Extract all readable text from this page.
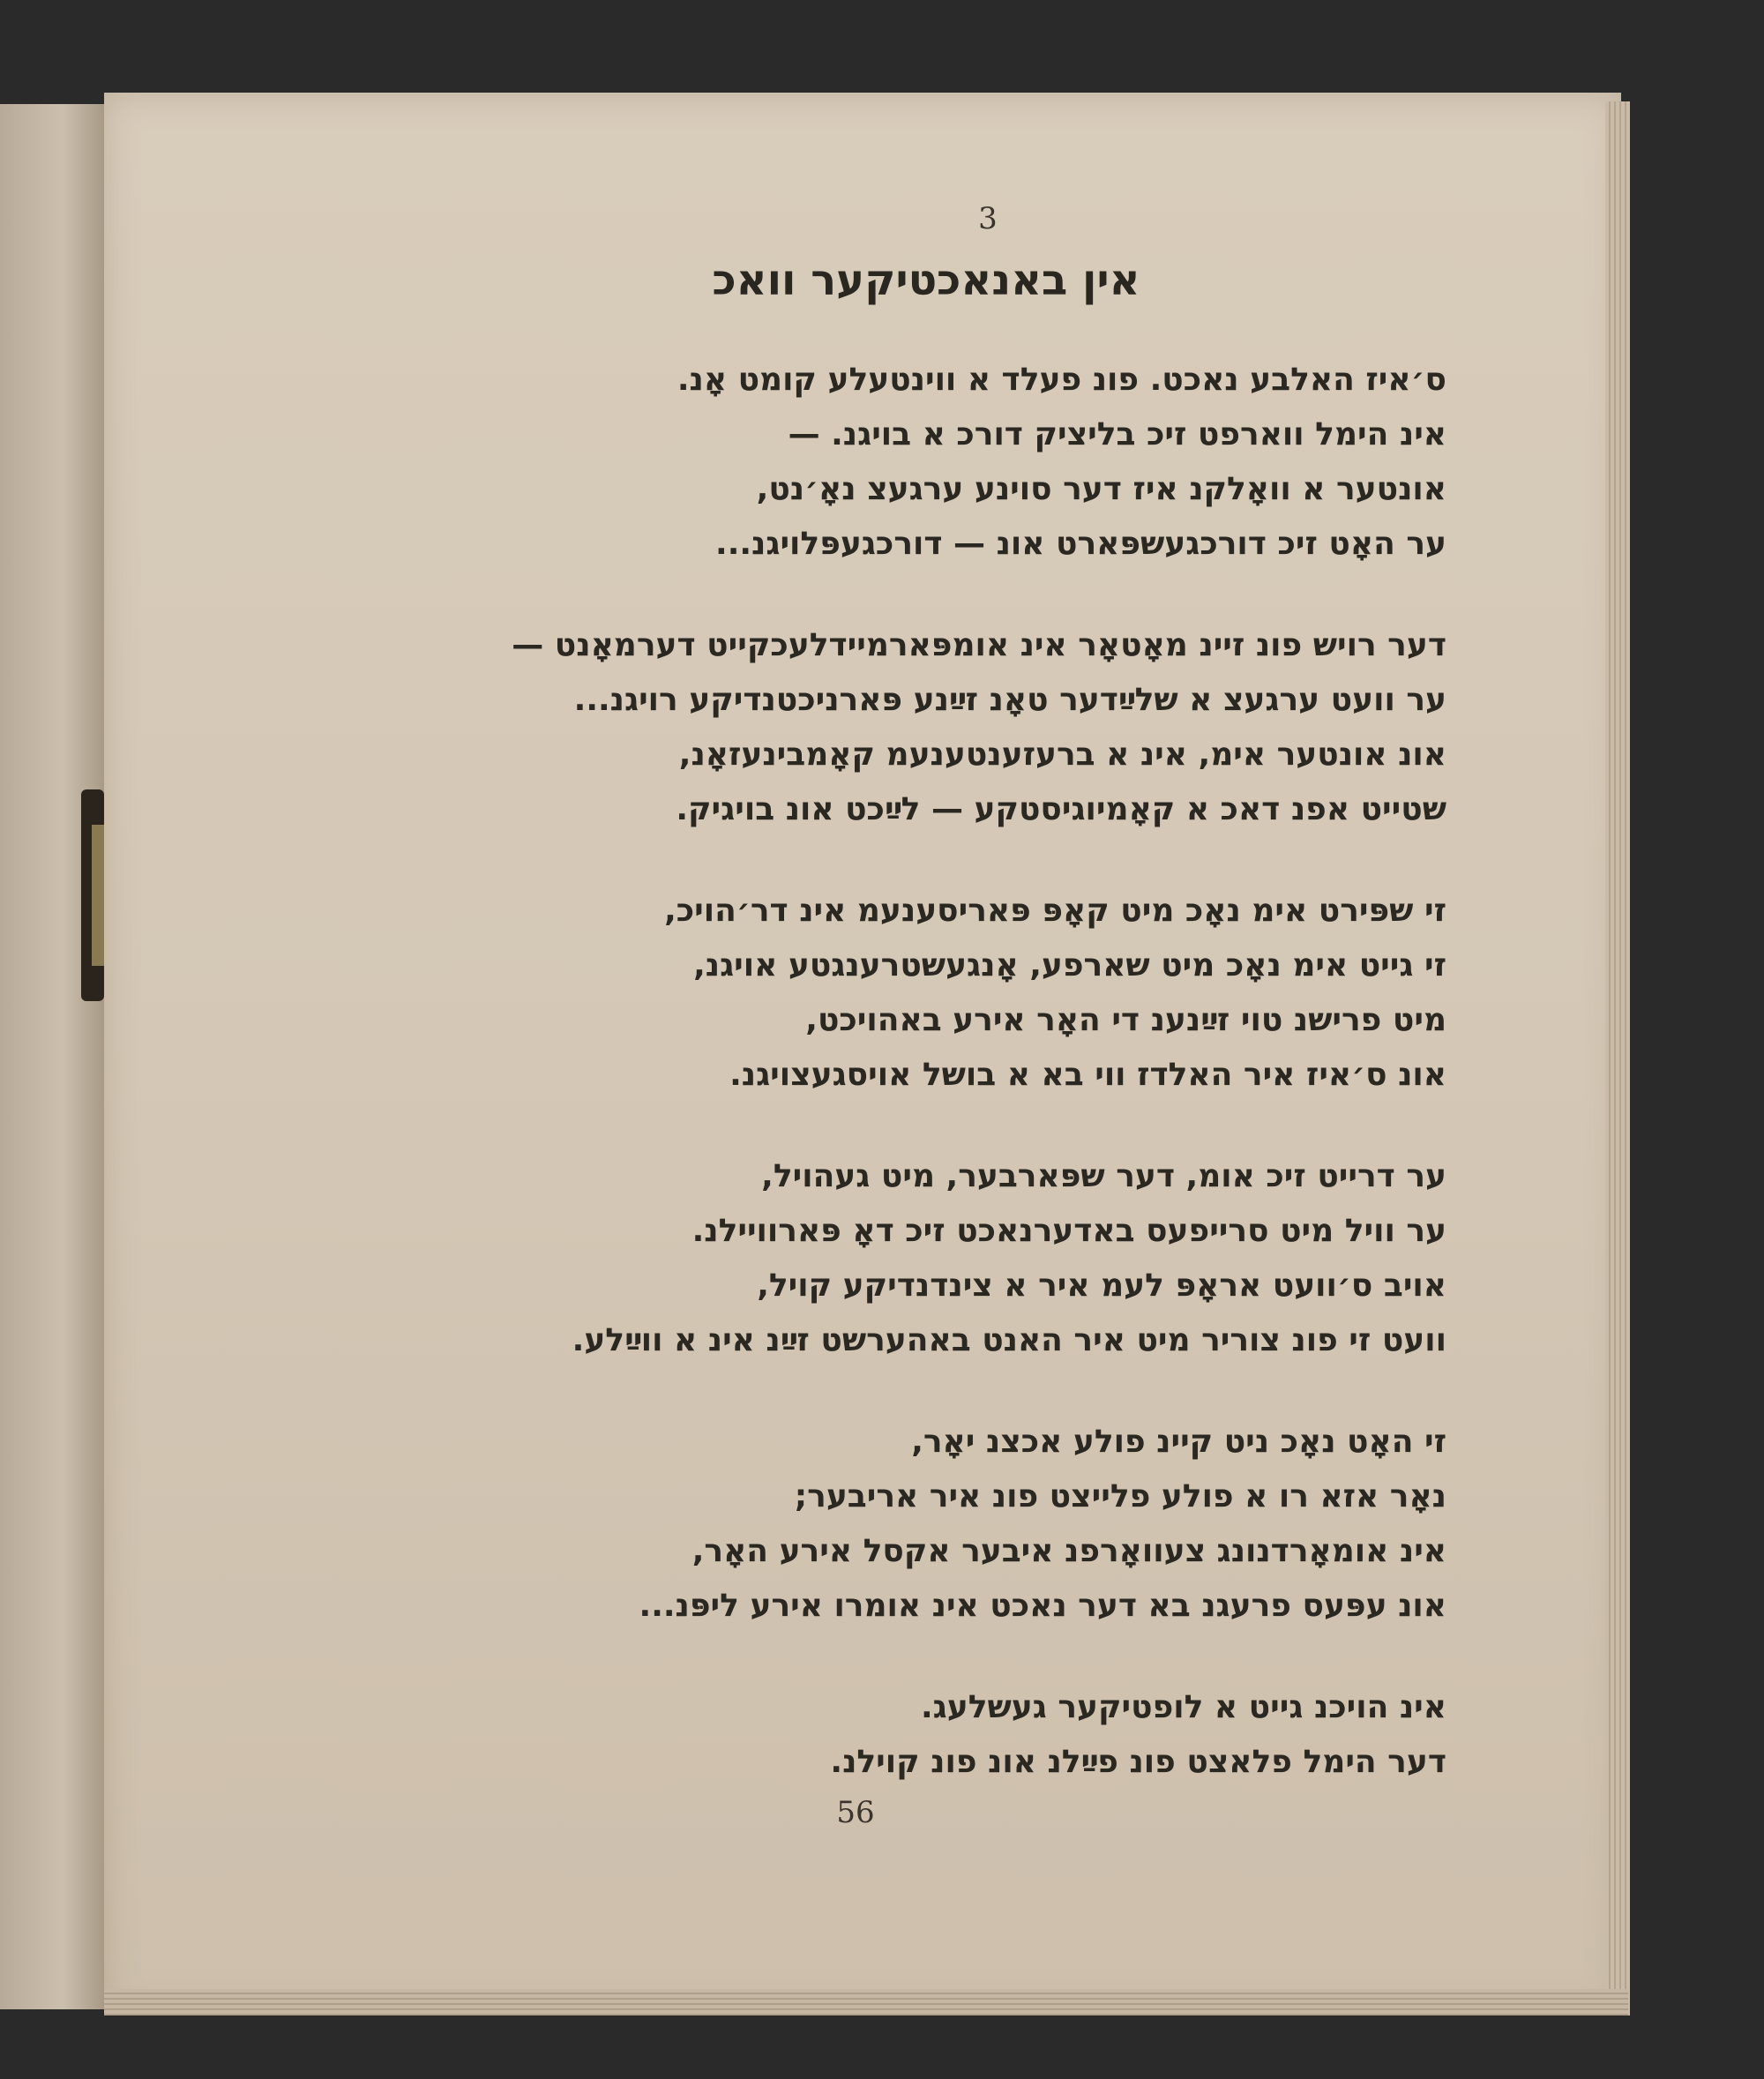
3
אין באנאכטיקער וואכ
ס׳איז האלבע נאכט. פונ פעלד א ווינטעלע קומט אָנ.
אינ הימל ווארפט זיכ בליציק דורכ א בויגנ. —
אונטער א וואָלקנ איז דער סוינע ערגעצ נאָ׳נט,
ער האָט זיכ דורכגעשפּארט אונ — דורכגעפּלויגנ...
דער רויש פונ זיינ מאָטאָר אינ אומפּארמיידלעכקייט דערמאָנט —
ער וועט ערגעצ א שלײַדער טאָנ זײַנע פּארניכטנדיקע רויגנ...
אונ אונטער אימ, אינ א ברעזענטענעמ קאָמבינעזאָנ,
שטייט אפנ דאכ א קאָמיוגיסטקע — לײַכט אונ בויגיק.
זי שפּירט אימ נאָכ מיט קאָפּ פּאריסענעמ אינ דר׳הויכ,
זי גייט אימ נאָכ מיט שארפע, אָנגעשטרענגטע אויגנ,
מיט פרישנ טוי זײַנענ די האָר אירע באהויכט,
אונ ס׳איז איר האלדז ווי בא א בושל אויסגעצויגנ.
ער דרייט זיכ אומ, דער שפּארבער, מיט געהויל,
ער וויל מיט סרייפעס באדערנאכט זיכ דאָ פּארוויילנ.
אויב ס׳וועט אראָפּ לעמ איר א צינדנדיקע קויל,
וועט זי פונ צוריר מיט איר האנט באהערשט זײַנ אינ א ווײַלע.
זי האָט נאָכ ניט קיינ פולע אכצנ יאָר,
נאָר אזא רו א פולע פלייצט פונ איר אריבער;
אינ אומאָרדנונג צעוואָרפנ איבער אקסל אירע האָר,
אונ עפּעס פרעגנ בא דער נאכט אינ אומרו אירע ליפּנ...
אינ הויכנ גייט א לופטיקער געשלעג.
דער הימל פלאצט פונ פײַלנ אונ פונ קוילנ.
56
